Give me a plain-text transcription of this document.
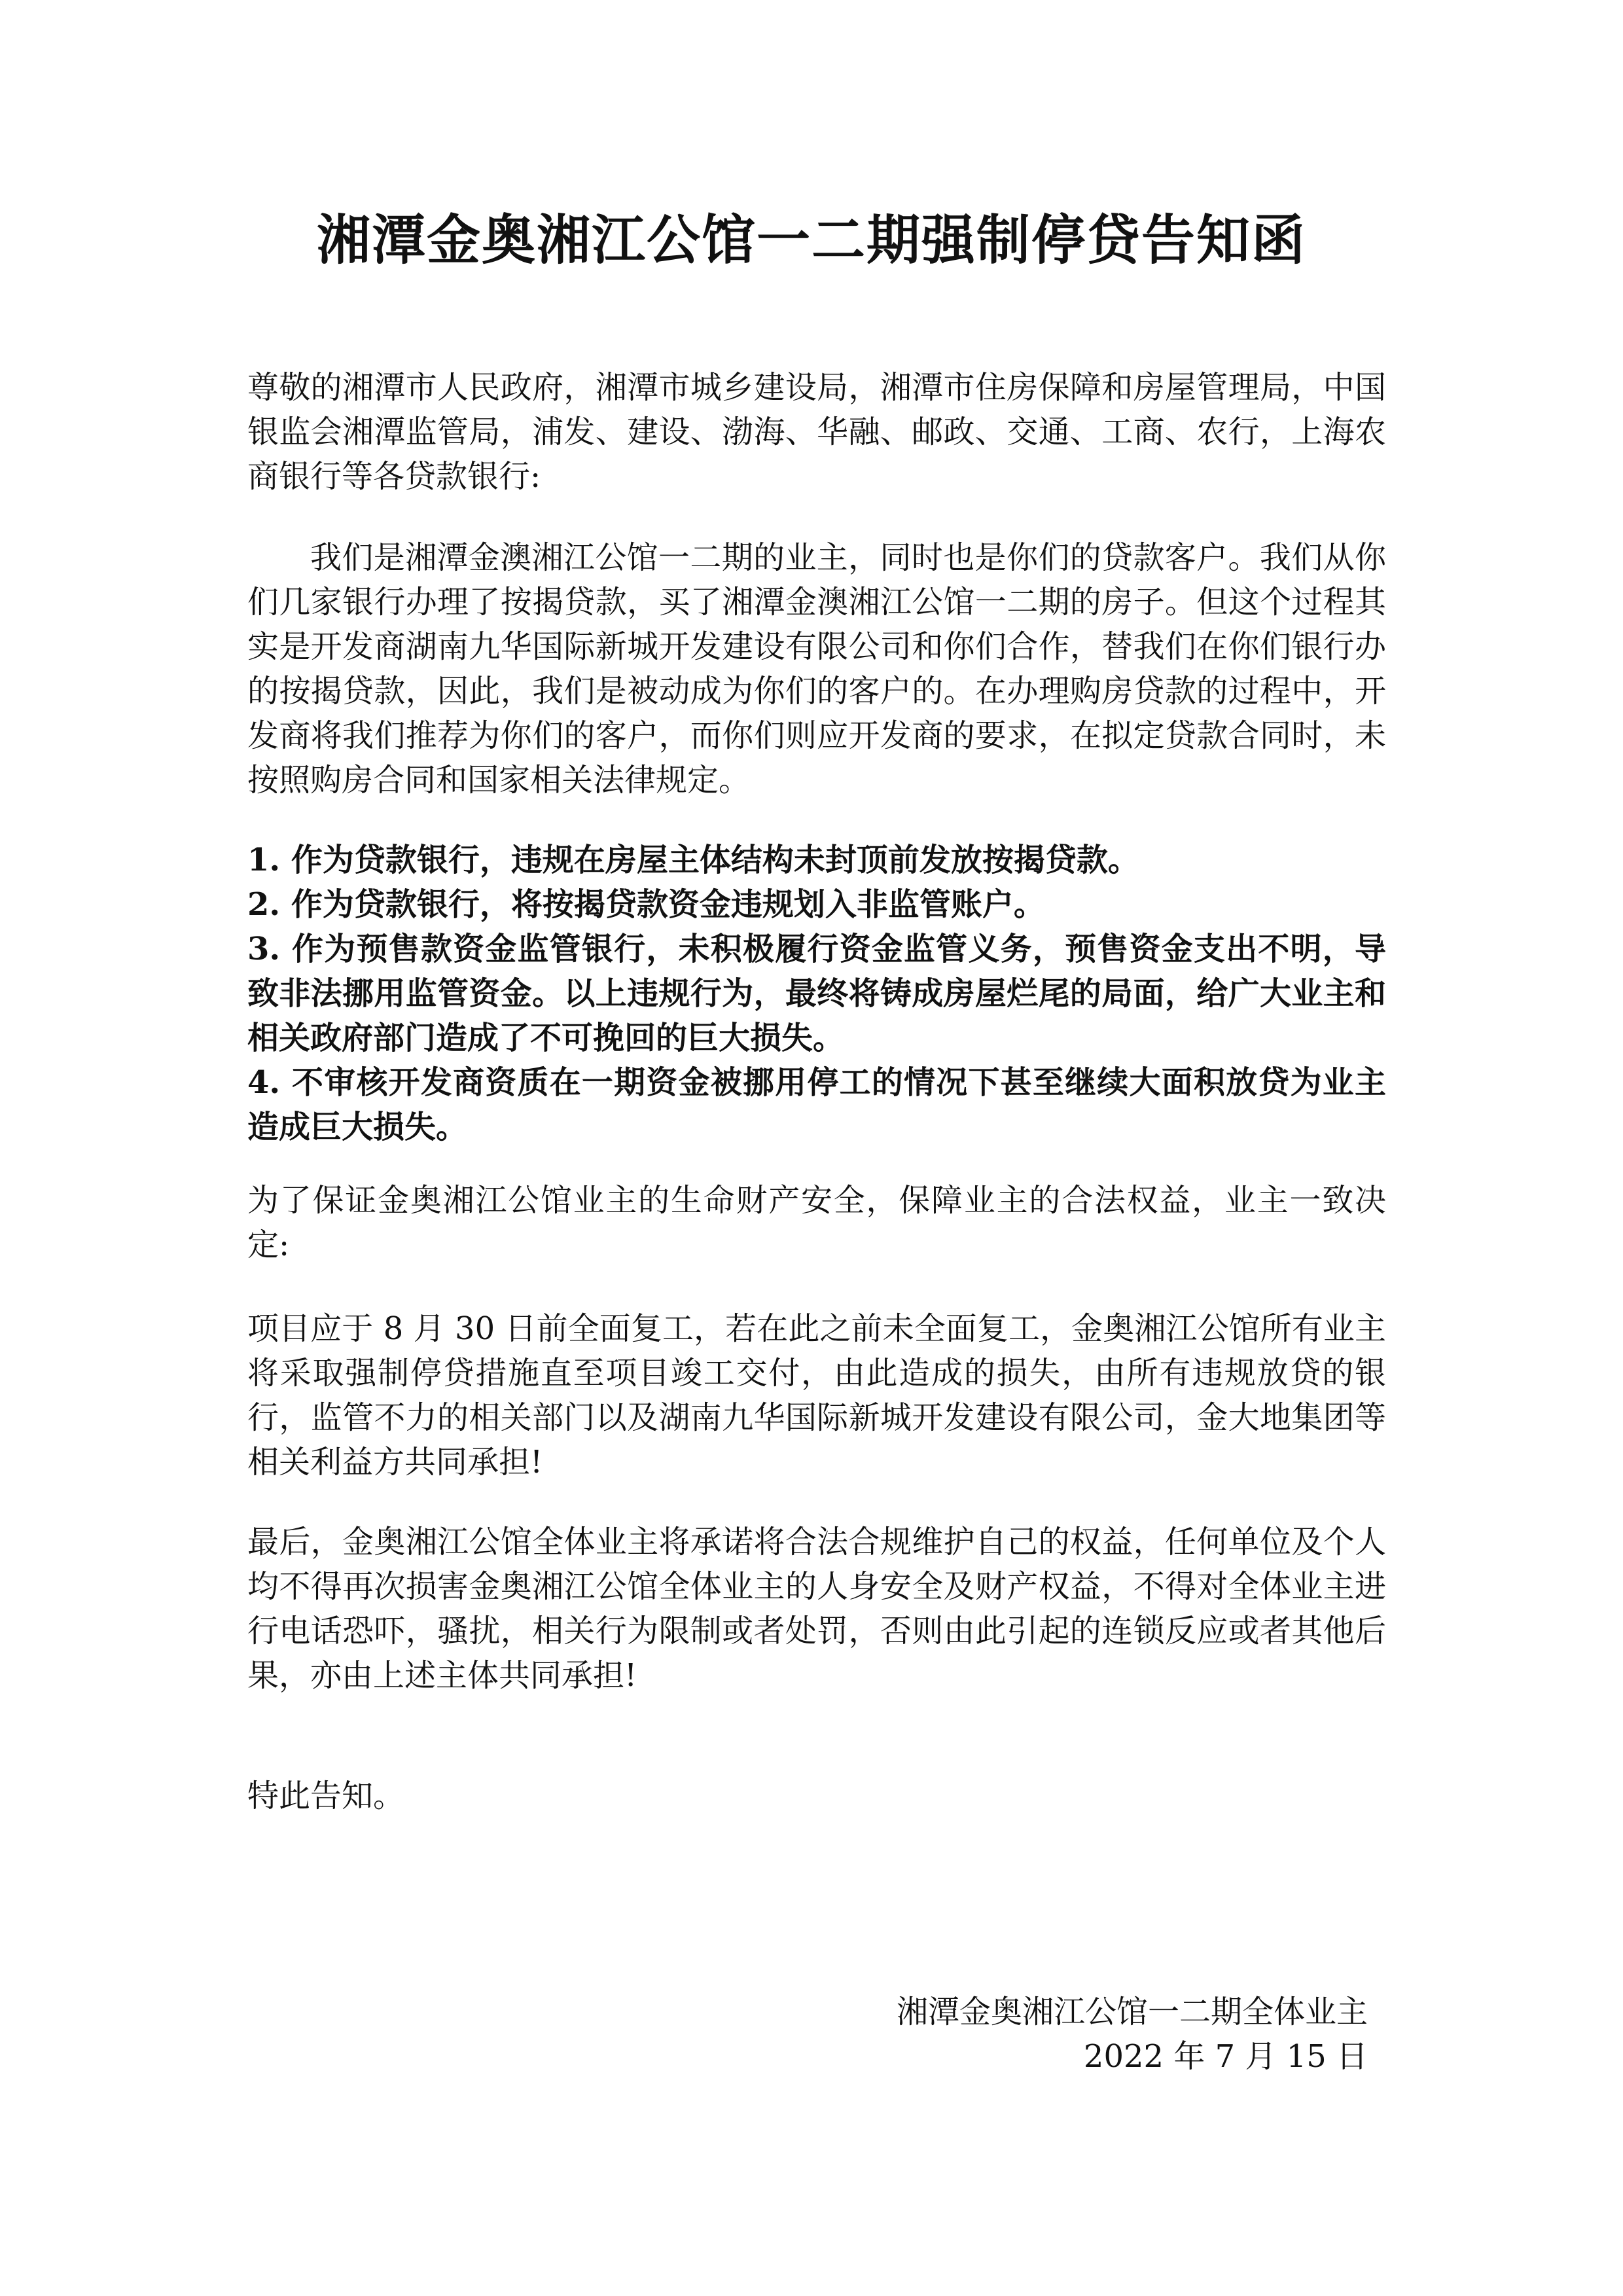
湘潭金奥湘江公馆一二期强制停贷告知函

尊敬的湘潭市人民政府，湘潭市城乡建设局，湘潭市住房保障和房屋管理局，中国银监会湘潭监管局，浦发、建设、渤海、华融、邮政、交通、工商、农行，上海农商银行等各贷款银行:

我们是湘潭金澳湘江公馆一二期的业主，同时也是你们的贷款客户。我们从你们几家银行办理了按揭贷款，买了湘潭金澳湘江公馆一二期的房子。但这个过程其实是开发商湖南九华国际新城开发建设有限公司和你们合作，替我们在你们银行办的按揭贷款，因此，我们是被动成为你们的客户的。在办理购房贷款的过程中，开发商将我们推荐为你们的客户，而你们则应开发商的要求，在拟定贷款合同时，未按照购房合同和国家相关法律规定。

1. 作为贷款银行，违规在房屋主体结构未封顶前发放按揭贷款。

2. 作为贷款银行，将按揭贷款资金违规划入非监管账户。

3. 作为预售款资金监管银行，未积极履行资金监管义务，预售资金支出不明，导致非法挪用监管资金。以上违规行为，最终将铸成房屋烂尾的局面，给广大业主和相关政府部门造成了不可挽回的巨大损失。

4. 不审核开发商资质在一期资金被挪用停工的情况下甚至继续大面积放贷为业主造成巨大损失。

为了保证金奥湘江公馆业主的生命财产安全，保障业主的合法权益，业主一致决定:

项目应于 8 月 30 日前全面复工，若在此之前未全面复工，金奥湘江公馆所有业主将采取强制停贷措施直至项目竣工交付，由此造成的损失，由所有违规放贷的银行，监管不力的相关部门以及湖南九华国际新城开发建设有限公司，金大地集团等相关利益方共同承担!

最后，金奥湘江公馆全体业主将承诺将合法合规维护自己的权益，任何单位及个人均不得再次损害金奥湘江公馆全体业主的人身安全及财产权益，不得对全体业主进行电话恐吓，骚扰，相关行为限制或者处罚，否则由此引起的连锁反应或者其他后果，亦由上述主体共同承担!

特此告知。

湘潭金奥湘江公馆一二期全体业主
2022 年 7 月 15 日
